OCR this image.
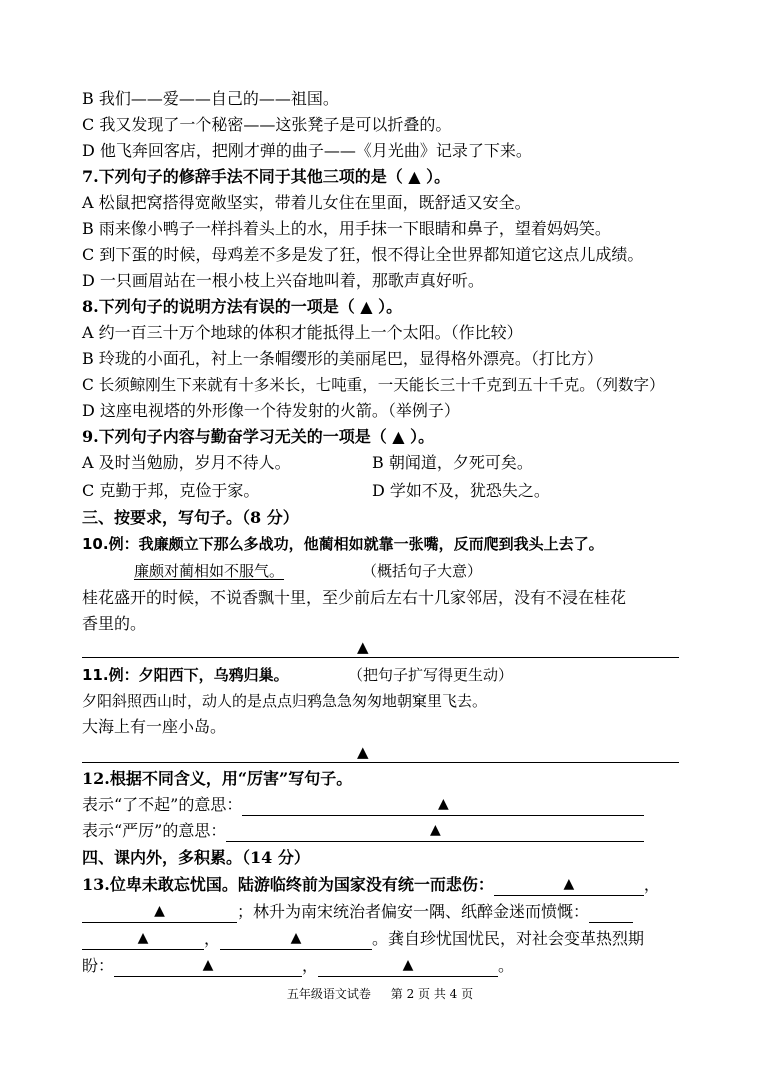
B 我们——爱——自己的——祖国。
C 我又发现了一个秘密——这张凳子是可以折叠的。
D 他飞奔回客店，把刚才弹的曲子——《月光曲》记录了下来。
7.下列句子的修辞手法不同于其他三项的是（ ▲ ）。
A 松鼠把窝搭得宽敞坚实，带着儿女住在里面，既舒适又安全。
B 雨来像小鸭子一样抖着头上的水，用手抹一下眼睛和鼻子，望着妈妈笑。
C 到下蛋的时候，母鸡差不多是发了狂，恨不得让全世界都知道它这点儿成绩。
D 一只画眉站在一根小枝上兴奋地叫着，那歌声真好听。
8.下列句子的说明方法有误的一项是（ ▲ ）。
A 约一百三十万个地球的体积才能抵得上一个太阳。（作比较）
B 玲珑的小面孔，衬上一条帽缨形的美丽尾巴，显得格外漂亮。（打比方）
C 长须鲸刚生下来就有十多米长，七吨重，一天能长三十千克到五十千克。（列数字）
D 这座电视塔的外形像一个待发射的火箭。（举例子）
9.下列句子内容与勤奋学习无关的一项是（ ▲ ）。
A 及时当勉励，岁月不待人。	B 朝闻道，夕死可矣。
C 克勤于邦，克俭于家。	D 学如不及，犹恐失之。
三、按要求，写句子。（8 分）
10.例：我廉颇立下那么多战功，他蔺相如就靠一张嘴，反而爬到我头上去了。
廉颇对蔺相如不服气。	（概括句子大意）
桂花盛开的时候，不说香飘十里，至少前后左右十几家邻居，没有不浸在桂花
香里的。
▲
11.例：夕阳西下，乌鸦归巢。	（把句子扩写得更生动）
夕阳斜照西山时，动人的是点点归鸦急急匆匆地朝窠里飞去。
大海上有一座小岛。
▲
12.根据不同含义，用“厉害”写句子。
表示“了不起”的意思：	▲
表示“严厉”的意思：	▲
四、课内外，多积累。（14 分）
13.位卑未敢忘忧国。陆游临终前为国家没有统一而悲伤：	▲	，
▲	；林升为南宋统治者偏安一隅、纸醉金迷而愤慨：
▲	，	▲	。龚自珍忧国忧民，对社会变革热烈期
盼：	▲	，	▲	。
五年级语文试卷 第 2 页 共 4 页
